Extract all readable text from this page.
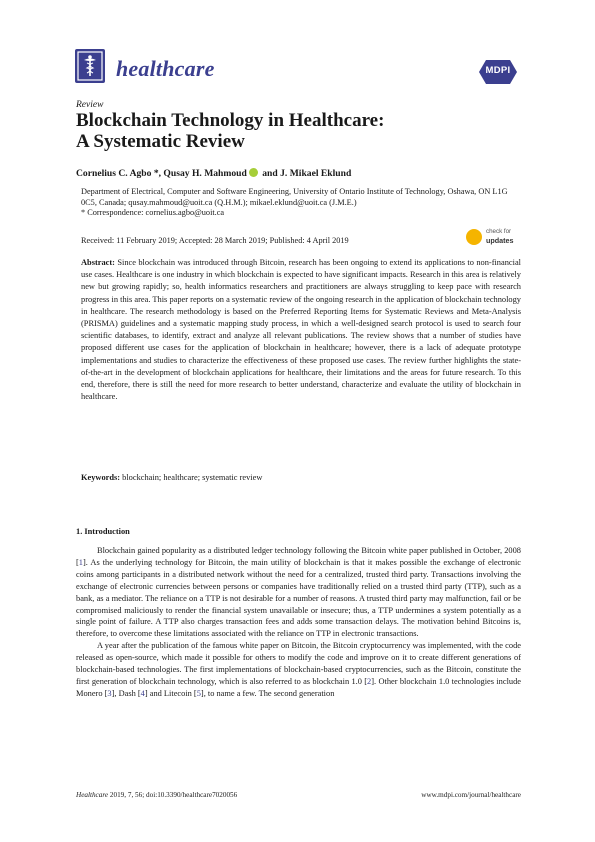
healthcare	MDPI
Review
Blockchain Technology in Healthcare:
A Systematic Review
Cornelius C. Agbo *, Qusay H. Mahmoud and J. Mikael Eklund
Department of Electrical, Computer and Software Engineering, University of Ontario Institute of Technology, Oshawa, ON L1G 0C5, Canada; qusay.mahmoud@uoit.ca (Q.H.M.); mikael.eklund@uoit.ca (J.M.E.)
* Correspondence: cornelius.agbo@uoit.ca
Received: 11 February 2019; Accepted: 28 March 2019; Published: 4 April 2019
check for
updates
Abstract: Since blockchain was introduced through Bitcoin, research has been ongoing to extend its applications to non-financial use cases. Healthcare is one industry in which blockchain is expected to have significant impacts. Research in this area is relatively new but growing rapidly; so, health informatics researchers and practitioners are always struggling to keep pace with research progress in this area. This paper reports on a systematic review of the ongoing research in the application of blockchain technology in healthcare. The research methodology is based on the Preferred Reporting Items for Systematic Reviews and Meta-Analysis (PRISMA) guidelines and a systematic mapping study process, in which a well-designed search protocol is used to search four scientific databases, to identify, extract and analyze all relevant publications. The review shows that a number of studies have proposed different use cases for the application of blockchain in healthcare; however, there is a lack of adequate prototype implementations and studies to characterize the effectiveness of these proposed use cases. The review further highlights the state-of-the-art in the development of blockchain applications for healthcare, their limitations and the areas for future research. To this end, therefore, there is still the need for more research to better understand, characterize and evaluate the utility of blockchain in healthcare.
Keywords: blockchain; healthcare; systematic review
1. Introduction

Blockchain gained popularity as a distributed ledger technology following the Bitcoin white paper published in October, 2008 [1]. As the underlying technology for Bitcoin, the main utility of blockchain is that it makes possible the exchange of electronic coins among participants in a distributed network without the need for a centralized, trusted third party. Transactions involving the exchange of electronic currencies between persons or companies have traditionally relied on a trusted third party (TTP), such as a bank, as a mediator. The reliance on a TTP is not desirable for a number of reasons. A trusted third party may malfunction, fail or be compromised maliciously to render the financial system unavailable or insecure; thus, a TTP undermines a system potentially as a single point of failure. A TTP also charges transaction fees and adds some transaction delays. The motivation behind Bitcoins is, therefore, to overcome these limitations associated with the reliance on TTP in electronic transactions.

A year after the publication of the famous white paper on Bitcoin, the Bitcoin cryptocurrency was implemented, with the code released as open-source, which made it possible for others to modify the code and improve on it to create different generations of blockchain-based technologies. The first implementations of blockchain-based cryptocurrencies, such as the Bitcoin, constitute the first generation of blockchain technology, which is also referred to as blockchain 1.0 [2]. Other blockchain 1.0 technologies include Monero [3], Dash [4] and Litecoin [5], to name a few. The second generation

Healthcare 2019, 7, 56; doi:10.3390/healthcare7020056	www.mdpi.com/journal/healthcare
